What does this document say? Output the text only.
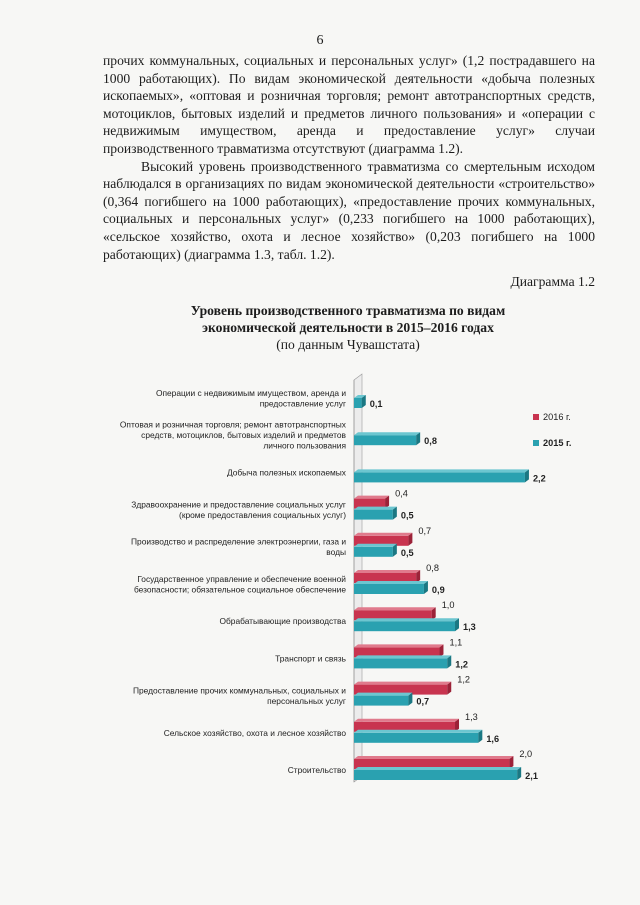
6

прочих коммунальных, социальных и персональных услуг» (1,2 пострадавшего на 1000 работающих). По видам экономической деятельности «добыча полезных ископаемых», «оптовая и розничная торговля; ремонт автотранспортных средств, мотоциклов, бытовых изделий и предметов личного пользования» и «операции с недвижимым имуществом, аренда и предоставление услуг» случаи производственного травматизма отсутствуют (диаграмма 1.2).

Высокий уровень производственного травматизма со смертельным исходом наблюдался в организациях по видам экономической деятельности «строительство» (0,364 погибшего на 1000 работающих), «предоставление прочих коммунальных, социальных и персональных услуг» (0,233 погибшего на 1000 работающих), «сельское хозяйство, охота и лесное хозяйство» (0,203 погибшего на 1000 работающих) (диаграмма 1.3, табл. 1.2).

Диаграмма 1.2
Уровень производственного травматизма по видам экономической деятельности в 2015–2016 годах
(по данным Чувашстата)
Операции с недвижимым имуществом, аренда и предоставление услуг	0,1
Оптовая и розничная торговля; ремонт автотранспортных средств, мотоциклов, бытовых изделий и предметов личного пользования	0,8
Добыча полезных ископаемых
2,2
Здравоохранение и предоставление социальных услуг (кроме предоставления социальных услуг)
0,4
0,5
Производство и распределение электроэнергии, газа и воды
0,7
0,5
Государственное управление и обеспечение военной безопасности; обязательное социальное обеспечение
0,8
0,9
Обрабатывающие производства
1,0
1,3
Транспорт и связь
1,1
1,2
Предоставление прочих коммунальных, социальных и персональных услуг
1,2
0,7
Сельское хозяйство, охота и лесное хозяйство
1,3
1,6
Строительство
2,0
2,1
2016 г.
2015 г.
